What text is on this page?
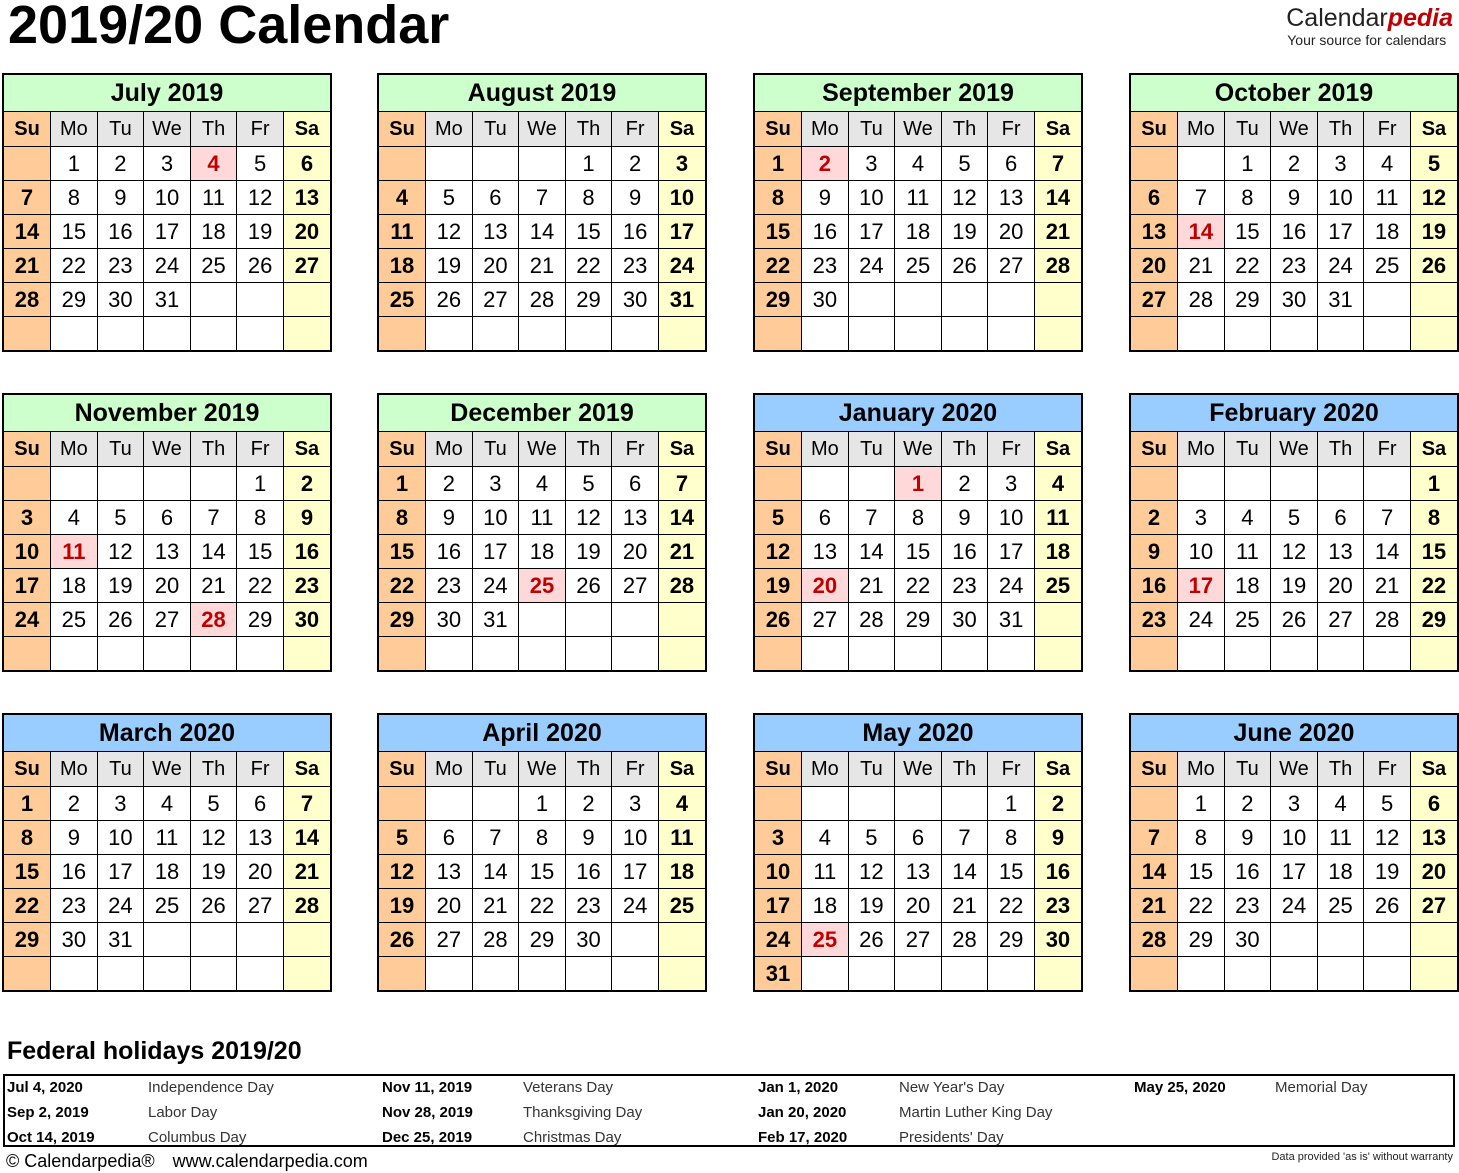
2019/20 Calendar	Calendarpedia
Your source for calendars
July 2019
Su	Mo	Tu	We	Th	Fr	Sa
	1	2	3	4	5	6
7	8	9	10	11	12	13
14	15	16	17	18	19	20
21	22	23	24	25	26	27
28	29	30	31			

August 2019
Su	Mo	Tu	We	Th	Fr	Sa
				1	2	3
4	5	6	7	8	9	10
11	12	13	14	15	16	17
18	19	20	21	22	23	24
25	26	27	28	29	30	31

September 2019
Su	Mo	Tu	We	Th	Fr	Sa
1	2	3	4	5	6	7
8	9	10	11	12	13	14
15	16	17	18	19	20	21
22	23	24	25	26	27	28
29	30					

October 2019
Su	Mo	Tu	We	Th	Fr	Sa
		1	2	3	4	5
6	7	8	9	10	11	12
13	14	15	16	17	18	19
20	21	22	23	24	25	26
27	28	29	30	31		

November 2019
Su	Mo	Tu	We	Th	Fr	Sa
					1	2
3	4	5	6	7	8	9
10	11	12	13	14	15	16
17	18	19	20	21	22	23
24	25	26	27	28	29	30

December 2019
Su	Mo	Tu	We	Th	Fr	Sa
1	2	3	4	5	6	7
8	9	10	11	12	13	14
15	16	17	18	19	20	21
22	23	24	25	26	27	28
29	30	31				

January 2020
Su	Mo	Tu	We	Th	Fr	Sa
			1	2	3	4
5	6	7	8	9	10	11
12	13	14	15	16	17	18
19	20	21	22	23	24	25
26	27	28	29	30	31	

February 2020
Su	Mo	Tu	We	Th	Fr	Sa
						1
2	3	4	5	6	7	8
9	10	11	12	13	14	15
16	17	18	19	20	21	22
23	24	25	26	27	28	29

March 2020
Su	Mo	Tu	We	Th	Fr	Sa
1	2	3	4	5	6	7
8	9	10	11	12	13	14
15	16	17	18	19	20	21
22	23	24	25	26	27	28
29	30	31				

April 2020
Su	Mo	Tu	We	Th	Fr	Sa
			1	2	3	4
5	6	7	8	9	10	11
12	13	14	15	16	17	18
19	20	21	22	23	24	25
26	27	28	29	30		

May 2020
Su	Mo	Tu	We	Th	Fr	Sa
					1	2
3	4	5	6	7	8	9
10	11	12	13	14	15	16
17	18	19	20	21	22	23
24	25	26	27	28	29	30
31						
June 2020
Su	Mo	Tu	We	Th	Fr	Sa
	1	2	3	4	5	6
7	8	9	10	11	12	13
14	15	16	17	18	19	20
21	22	23	24	25	26	27
28	29	30				

Federal holidays 2019/20
Jul 4, 2020	Independence Day
Sep 2, 2019	Labor Day
Oct 14, 2019	Columbus Day
Nov 11, 2019	Veterans Day
Nov 28, 2019	Thanksgiving Day
Dec 25, 2019	Christmas Day
Jan 1, 2020	New Year's Day
Jan 20, 2020	Martin Luther King Day
Feb 17, 2020	Presidents' Day
May 25, 2020	Memorial Day
© Calendarpedia® www.calendarpedia.com	Data provided 'as is' without warranty
